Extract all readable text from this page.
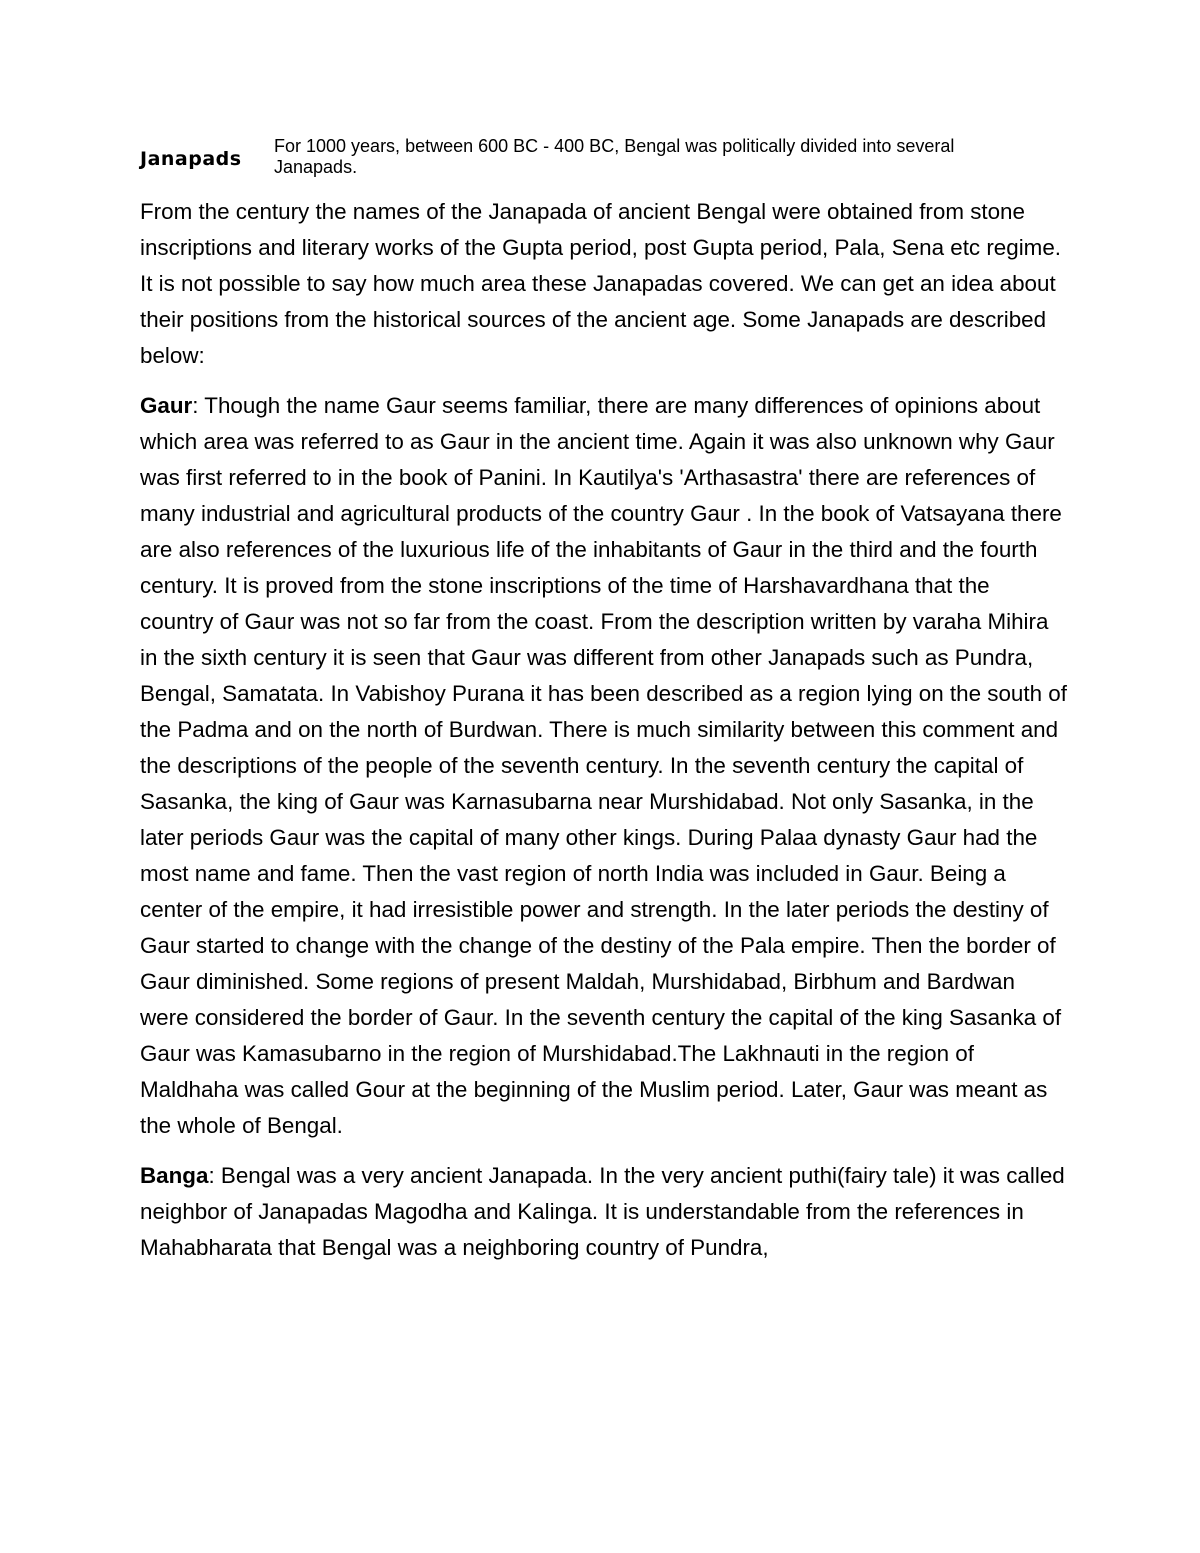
Janapads
For 1000 years, between 600 BC - 400 BC, Bengal was politically divided into several Janapads.

From the century the names of the Janapada of ancient Bengal were obtained from stone inscriptions and literary works of the Gupta period, post Gupta period, Pala, Sena etc regime. It is not possible to say how much area these Janapadas covered. We can get an idea about their positions from the historical sources of the ancient age. Some Janapads are described below:

Gaur: Though the name Gaur seems familiar, there are many differences of opinions about which area was referred to as Gaur in the ancient time. Again it was also unknown why Gaur was first referred to in the book of Panini. In Kautilya's 'Arthasastra' there are references of many industrial and agricultural products of the country Gaur . In the book of Vatsayana there are also references of the luxurious life of the inhabitants of Gaur in the third and the fourth century. It is proved from the stone inscriptions of the time of Harshavardhana that the country of Gaur was not so far from the coast. From the description written by varaha Mihira in the sixth century it is seen that Gaur was different from other Janapads such as Pundra, Bengal, Samatata. In Vabishoy Purana it has been described as a region lying on the south of the Padma and on the north of Burdwan. There is much similarity between this comment and the descriptions of the people of the seventh century. In the seventh century the capital of Sasanka, the king of Gaur was Karnasubarna near Murshidabad. Not only Sasanka, in the later periods Gaur was the capital of many other kings. During Palaa dynasty Gaur had the most name and fame. Then the vast region of north India was included in Gaur. Being a center of the empire, it had irresistible power and strength. In the later periods the destiny of Gaur started to change with the change of the destiny of the Pala empire. Then the border of Gaur diminished. Some regions of present Maldah, Murshidabad, Birbhum and Bardwan were considered the border of Gaur. In the seventh century the capital of the king Sasanka of Gaur was Kamasubarno in the region of Murshidabad.The Lakhnauti in the region of Maldhaha was called Gour at the beginning of the Muslim period. Later, Gaur was meant as the whole of Bengal.

Banga: Bengal was a very ancient Janapada. In the very ancient puthi(fairy tale) it was called neighbor of Janapadas Magodha and Kalinga. It is understandable from the references in Mahabharata that Bengal was a neighboring country of Pundra,
